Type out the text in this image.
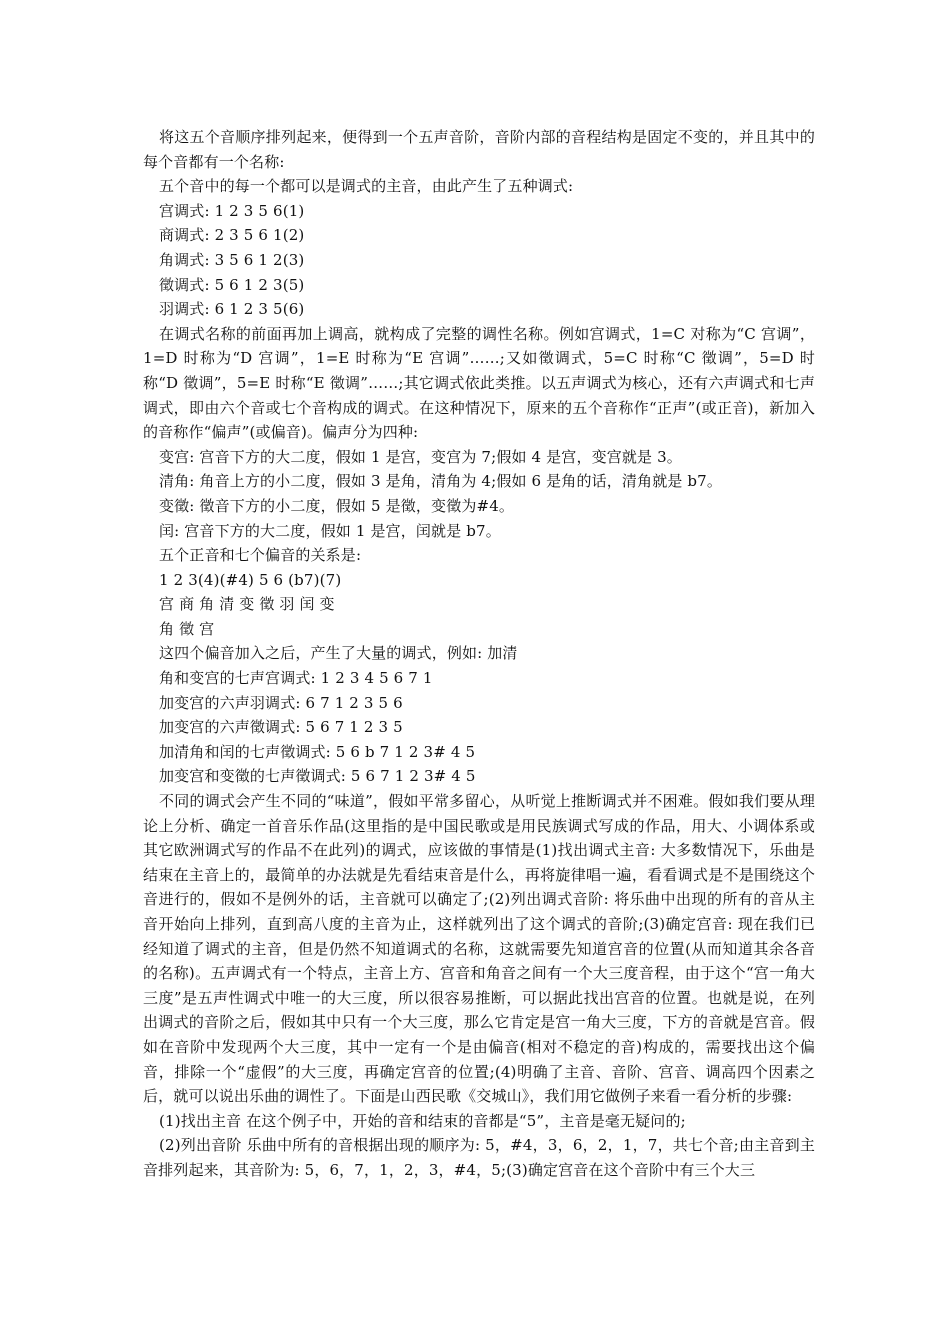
将这五个音顺序排列起来，便得到一个五声音阶，音阶内部的音程结构是固定不变的，并且其中的每个音都有一个名称:

五个音中的每一个都可以是调式的主音，由此产生了五种调式:

宫调式: 1 2 3 5 6(1)

商调式: 2 3 5 6 1(2)

角调式: 3 5 6 1 2(3)

徵调式: 5 6 1 2 3(5)

羽调式: 6 1 2 3 5(6)

在调式名称的前面再加上调高，就构成了完整的调性名称。例如宫调式，1=C 对称为“C 宫调”，1=D 时称为“D 宫调”，1=E 时称为“E 宫调”……;又如徵调式，5=C 时称“C 徵调”，5=D 时称“D 徵调”，5=E 时称“E 徵调”……;其它调式依此类推。以五声调式为核心，还有六声调式和七声调式，即由六个音或七个音构成的调式。在这种情况下，原来的五个音称作“正声”(或正音)，新加入的音称作“偏声”(或偏音)。偏声分为四种:

变宫: 宫音下方的大二度，假如 1 是宫，变宫为 7;假如 4 是宫，变宫就是 3。

清角: 角音上方的小二度，假如 3 是角，清角为 4;假如 6 是角的话，清角就是 b7。

变徵: 徵音下方的小二度，假如 5 是徵，变徵为#4。

闰: 宫音下方的大二度，假如 1 是宫，闰就是 b7。

五个正音和七个偏音的关系是:

1 2 3(4)(#4) 5 6 (b7)(7)

宫 商 角 清 变 徵 羽 闰 变

角 徵 宫

这四个偏音加入之后，产生了大量的调式，例如: 加清

角和变宫的七声宫调式: 1 2 3 4 5 6 7 1

加变宫的六声羽调式: 6 7 1 2 3 5 6

加变宫的六声徵调式: 5 6 7 1 2 3 5

加清角和闰的七声徵调式: 5 6 b 7 1 2 3# 4 5

加变宫和变徵的七声徵调式: 5 6 7 1 2 3# 4 5

不同的调式会产生不同的“味道”，假如平常多留心，从听觉上推断调式并不困难。假如我们要从理论上分析、确定一首音乐作品(这里指的是中国民歌或是用民族调式写成的作品，用大、小调体系或其它欧洲调式写的作品不在此列)的调式，应该做的事情是(1)找出调式主音: 大多数情况下，乐曲是结束在主音上的，最简单的办法就是先看结束音是什么，再将旋律唱一遍，看看调式是不是围绕这个音进行的，假如不是例外的话，主音就可以确定了;(2)列出调式音阶: 将乐曲中出现的所有的音从主音开始向上排列，直到高八度的主音为止，这样就列出了这个调式的音阶;(3)确定宫音: 现在我们已经知道了调式的主音，但是仍然不知道调式的名称，这就需要先知道宫音的位置(从而知道其余各音的名称)。五声调式有一个特点，主音上方、宫音和角音之间有一个大三度音程，由于这个“宫一角大三度”是五声性调式中唯一的大三度，所以很容易推断，可以据此找出宫音的位置。也就是说，在列出调式的音阶之后，假如其中只有一个大三度，那么它肯定是宫一角大三度，下方的音就是宫音。假如在音阶中发现两个大三度，其中一定有一个是由偏音(相对不稳定的音)构成的，需要找出这个偏音，排除一个“虚假”的大三度，再确定宫音的位置;(4)明确了主音、音阶、宫音、调高四个因素之后，就可以说出乐曲的调性了。下面是山西民歌《交城山》，我们用它做例子来看一看分析的步骤:

(1)找出主音 在这个例子中，开始的音和结束的音都是“5”，主音是毫无疑问的;

(2)列出音阶 乐曲中所有的音根据出现的顺序为: 5，#4，3，6，2，1，7，共七个音;由主音到主音排列起来，其音阶为: 5，6，7，1，2，3，#4，5;(3)确定宫音在这个音阶中有三个大三
